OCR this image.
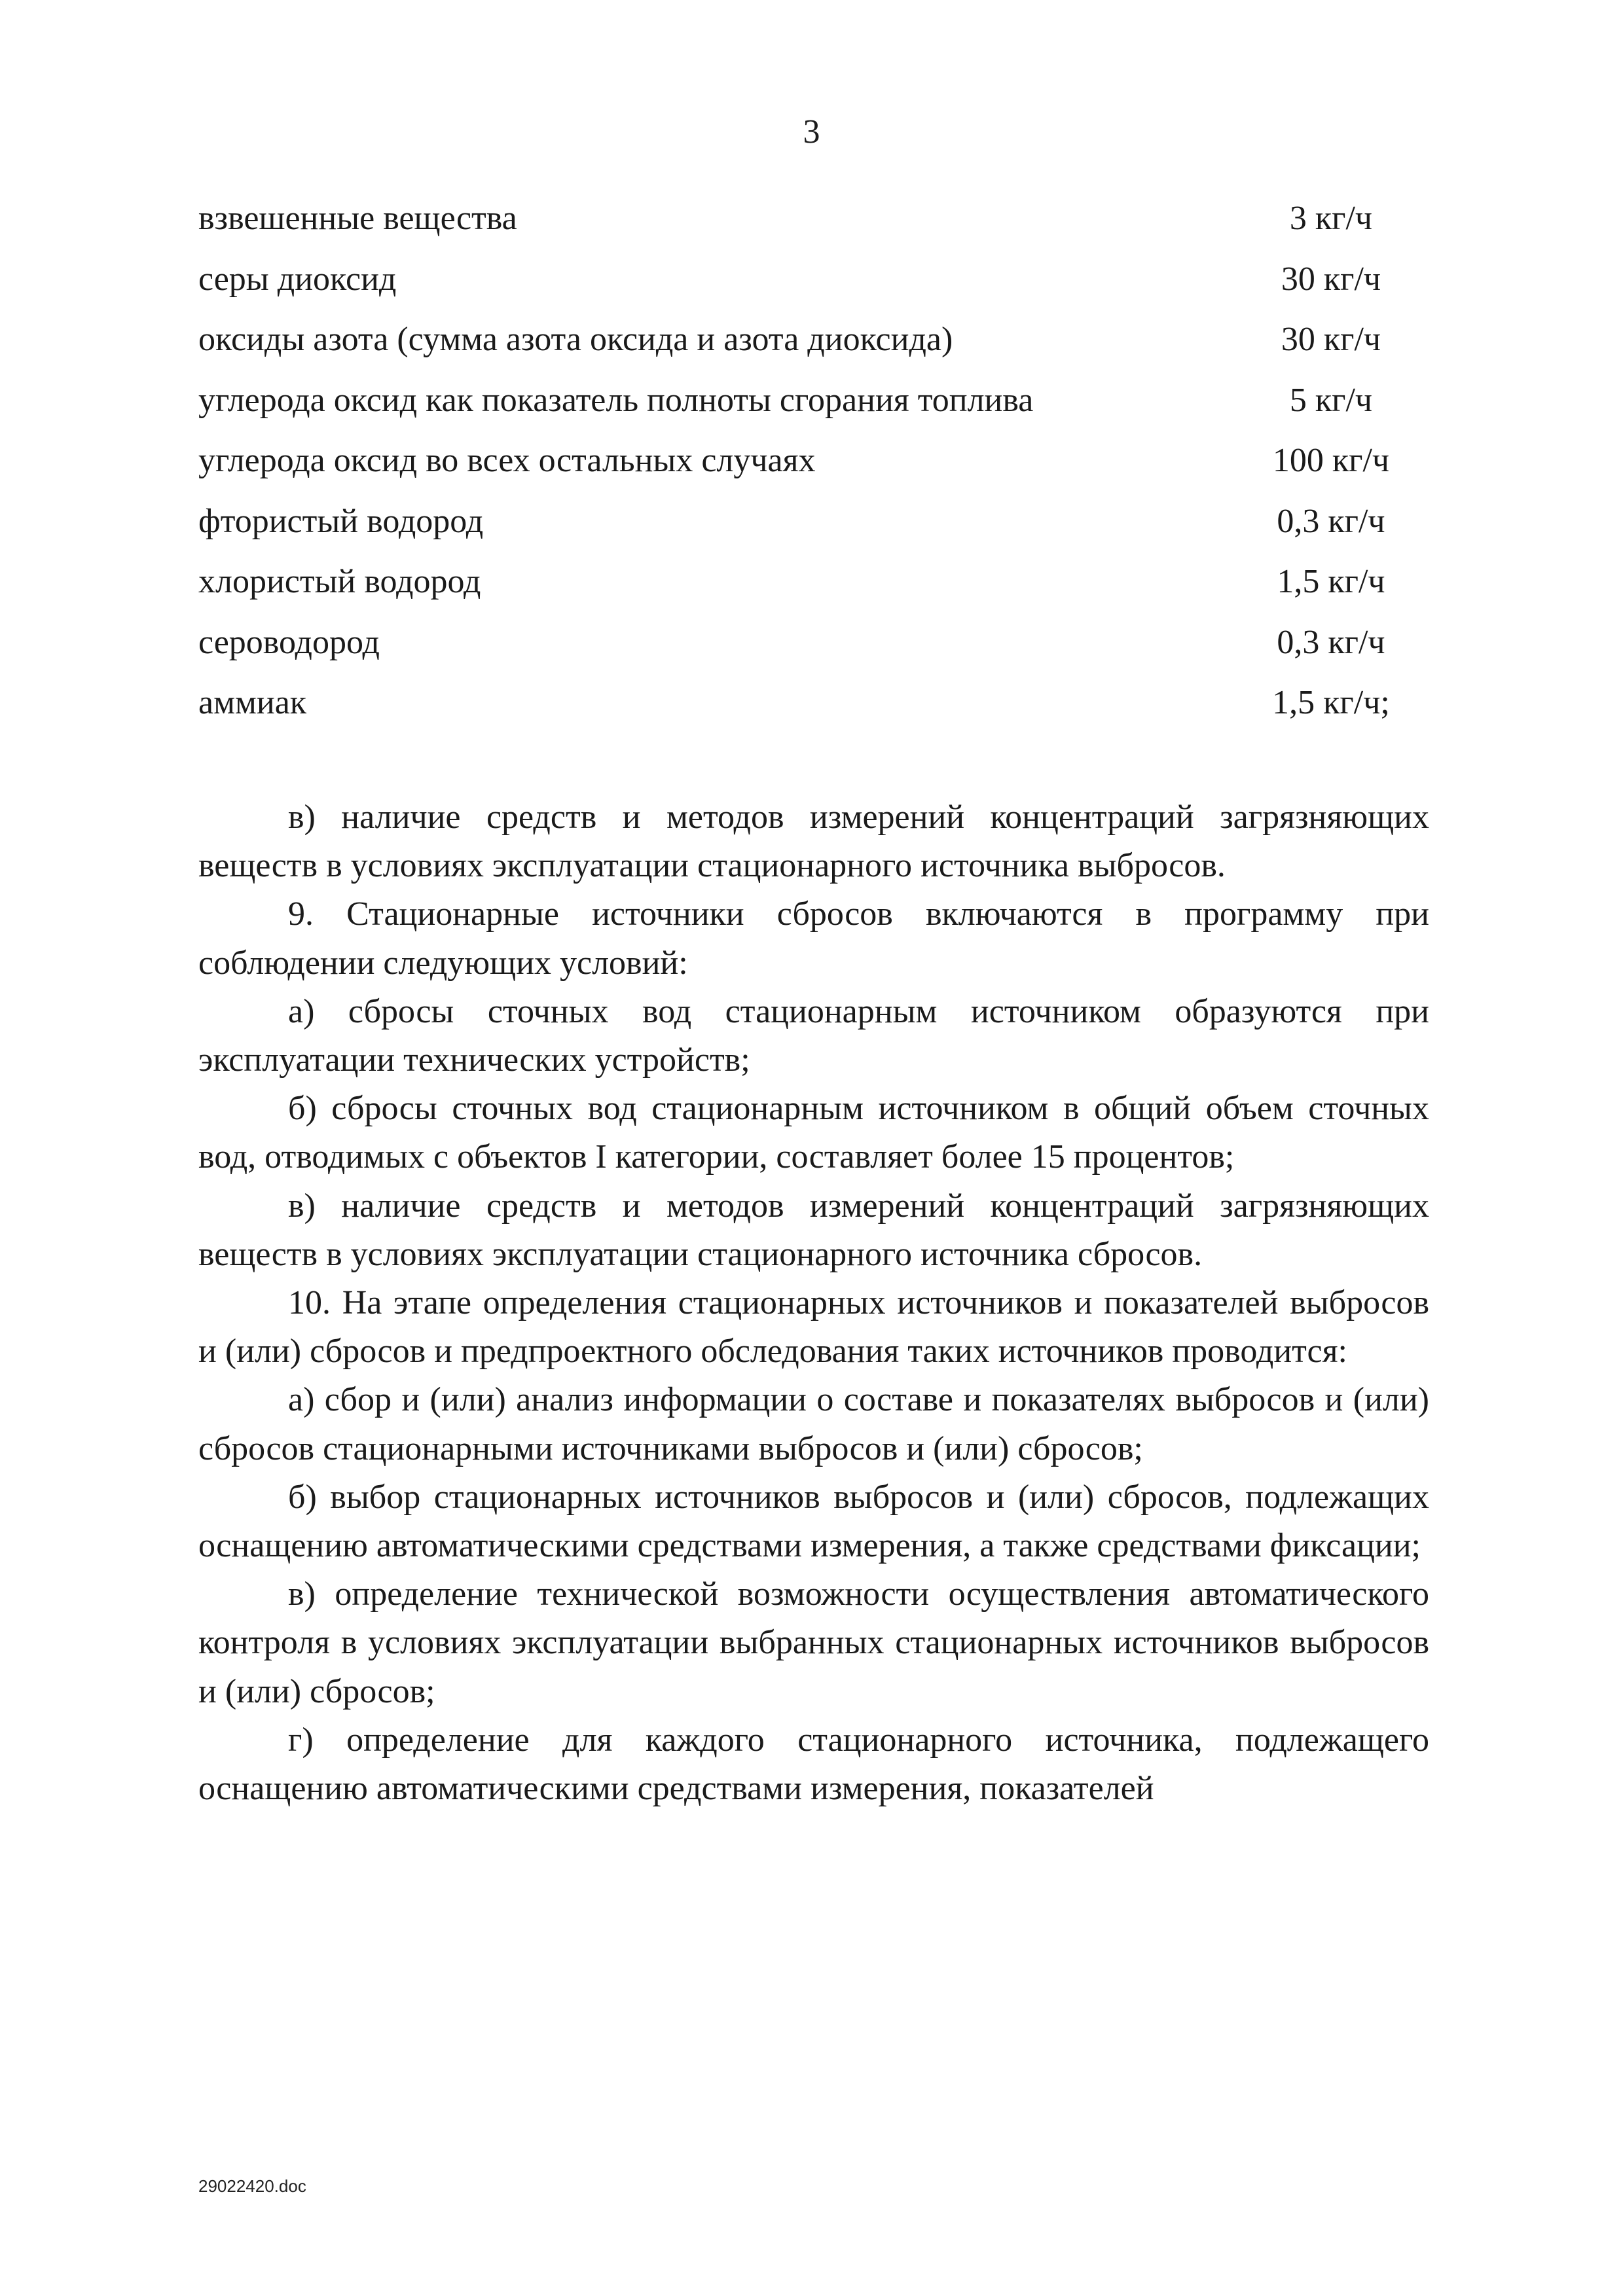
3
взвешенные вещества	3 кг/ч
серы диоксид	30 кг/ч
оксиды азота (сумма азота оксида и азота диоксида)	30 кг/ч
углерода оксид как показатель полноты сгорания топлива	5 кг/ч
углерода оксид во всех остальных случаях	100 кг/ч
фтористый водород	0,3 кг/ч
хлористый водород	1,5 кг/ч
сероводород	0,3 кг/ч
аммиак	1,5 кг/ч;

в) наличие средств и методов измерений концентраций загрязняющих веществ в условиях эксплуатации стационарного источника выбросов.

9. Стационарные источники сбросов включаются в программу при соблюдении следующих условий:

а) сбросы сточных вод стационарным источником образуются при эксплуатации технических устройств;

б) сбросы сточных вод стационарным источником в общий объем сточных вод, отводимых с объектов I категории, составляет более 15 процентов;

в) наличие средств и методов измерений концентраций загрязняющих веществ в условиях эксплуатации стационарного источника сбросов.

10. На этапе определения стационарных источников и показателей выбросов и (или) сбросов и предпроектного обследования таких источников проводится:

а) сбор и (или) анализ информации о составе и показателях выбросов и (или) сбросов стационарными источниками выбросов и (или) сбросов;

б) выбор стационарных источников выбросов и (или) сбросов, подлежащих оснащению автоматическими средствами измерения, а также средствами фиксации;

в) определение технической возможности осуществления автоматического контроля в условиях эксплуатации выбранных стационарных источников выбросов и (или) сбросов;

г) определение для каждого стационарного источника, подлежащего оснащению автоматическими средствами измерения, показателей

29022420.doc
